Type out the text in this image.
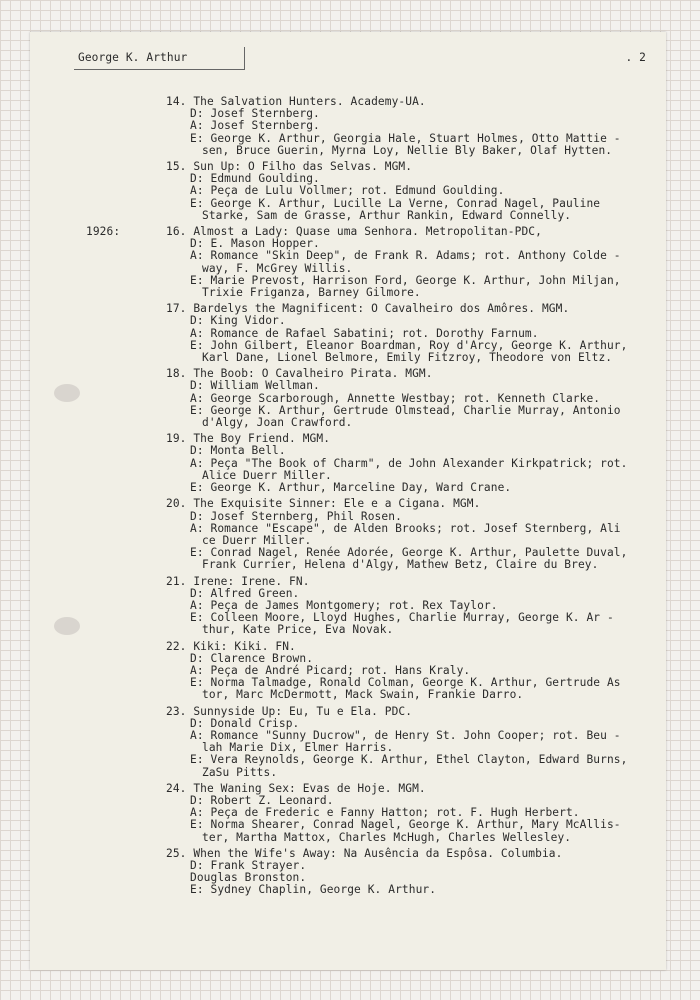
George K. Arthur	. 2
14. The Salvation Hunters. Academy-UA.
D: Josef Sternberg.
A: Josef Sternberg.
E: George K. Arthur, Georgia Hale, Stuart Holmes, Otto Mattie -
sen, Bruce Guerin, Myrna Loy, Nellie Bly Baker, Olaf Hytten.
15. Sun Up: O Filho das Selvas. MGM.
D: Edmund Goulding.
A: Peça de Lulu Vollmer; rot. Edmund Goulding.
E: George K. Arthur, Lucille La Verne, Conrad Nagel, Pauline
Starke, Sam de Grasse, Arthur Rankin, Edward Connelly.
1926:	16. Almost a Lady: Quase uma Senhora. Metropolitan-PDC,
D: E. Mason Hopper.
A: Romance "Skin Deep", de Frank R. Adams; rot. Anthony Colde -
way, F. McGrey Willis.
E: Marie Prevost, Harrison Ford, George K. Arthur, John Miljan,
Trixie Friganza, Barney Gilmore.
17. Bardelys the Magnificent: O Cavalheiro dos Amôres. MGM.
D: King Vidor.
A: Romance de Rafael Sabatini; rot. Dorothy Farnum.
E: John Gilbert, Eleanor Boardman, Roy d'Arcy, George K. Arthur,
Karl Dane, Lionel Belmore, Emily Fitzroy, Theodore von Eltz.
18. The Boob: O Cavalheiro Pirata. MGM.
D: William Wellman.
A: George Scarborough, Annette Westbay; rot. Kenneth Clarke.
E: George K. Arthur, Gertrude Olmstead, Charlie Murray, Antonio
d'Algy, Joan Crawford.
19. The Boy Friend. MGM.
D: Monta Bell.
A: Peça "The Book of Charm", de John Alexander Kirkpatrick; rot.
Alice Duerr Miller.
E: George K. Arthur, Marceline Day, Ward Crane.
20. The Exquisite Sinner: Ele e a Cigana. MGM.
D: Josef Sternberg, Phil Rosen.
A: Romance "Escape", de Alden Brooks; rot. Josef Sternberg, Ali
ce Duerr Miller.
E: Conrad Nagel, Renée Adorée, George K. Arthur, Paulette Duval,
Frank Currier, Helena d'Algy, Mathew Betz, Claire du Brey.
21. Irene: Irene. FN.
D: Alfred Green.
A: Peça de James Montgomery; rot. Rex Taylor.
E: Colleen Moore, Lloyd Hughes, Charlie Murray, George K. Ar -
thur, Kate Price, Eva Novak.
22. Kiki: Kiki. FN.
D: Clarence Brown.
A: Peça de André Picard; rot. Hans Kraly.
E: Norma Talmadge, Ronald Colman, George K. Arthur, Gertrude As
tor, Marc McDermott, Mack Swain, Frankie Darro.
23. Sunnyside Up: Eu, Tu e Ela. PDC.
D: Donald Crisp.
A: Romance "Sunny Ducrow", de Henry St. John Cooper; rot. Beu -
lah Marie Dix, Elmer Harris.
E: Vera Reynolds, George K. Arthur, Ethel Clayton, Edward Burns,
ZaSu Pitts.
24. The Waning Sex: Evas de Hoje. MGM.
D: Robert Z. Leonard.
A: Peça de Frederic e Fanny Hatton; rot. F. Hugh Herbert.
E: Norma Shearer, Conrad Nagel, George K. Arthur, Mary McAllis-
ter, Martha Mattox, Charles McHugh, Charles Wellesley.
25. When the Wife's Away: Na Ausência da Espôsa. Columbia.
D: Frank Strayer.
Douglas Bronston.
E: Sydney Chaplin, George K. Arthur.
